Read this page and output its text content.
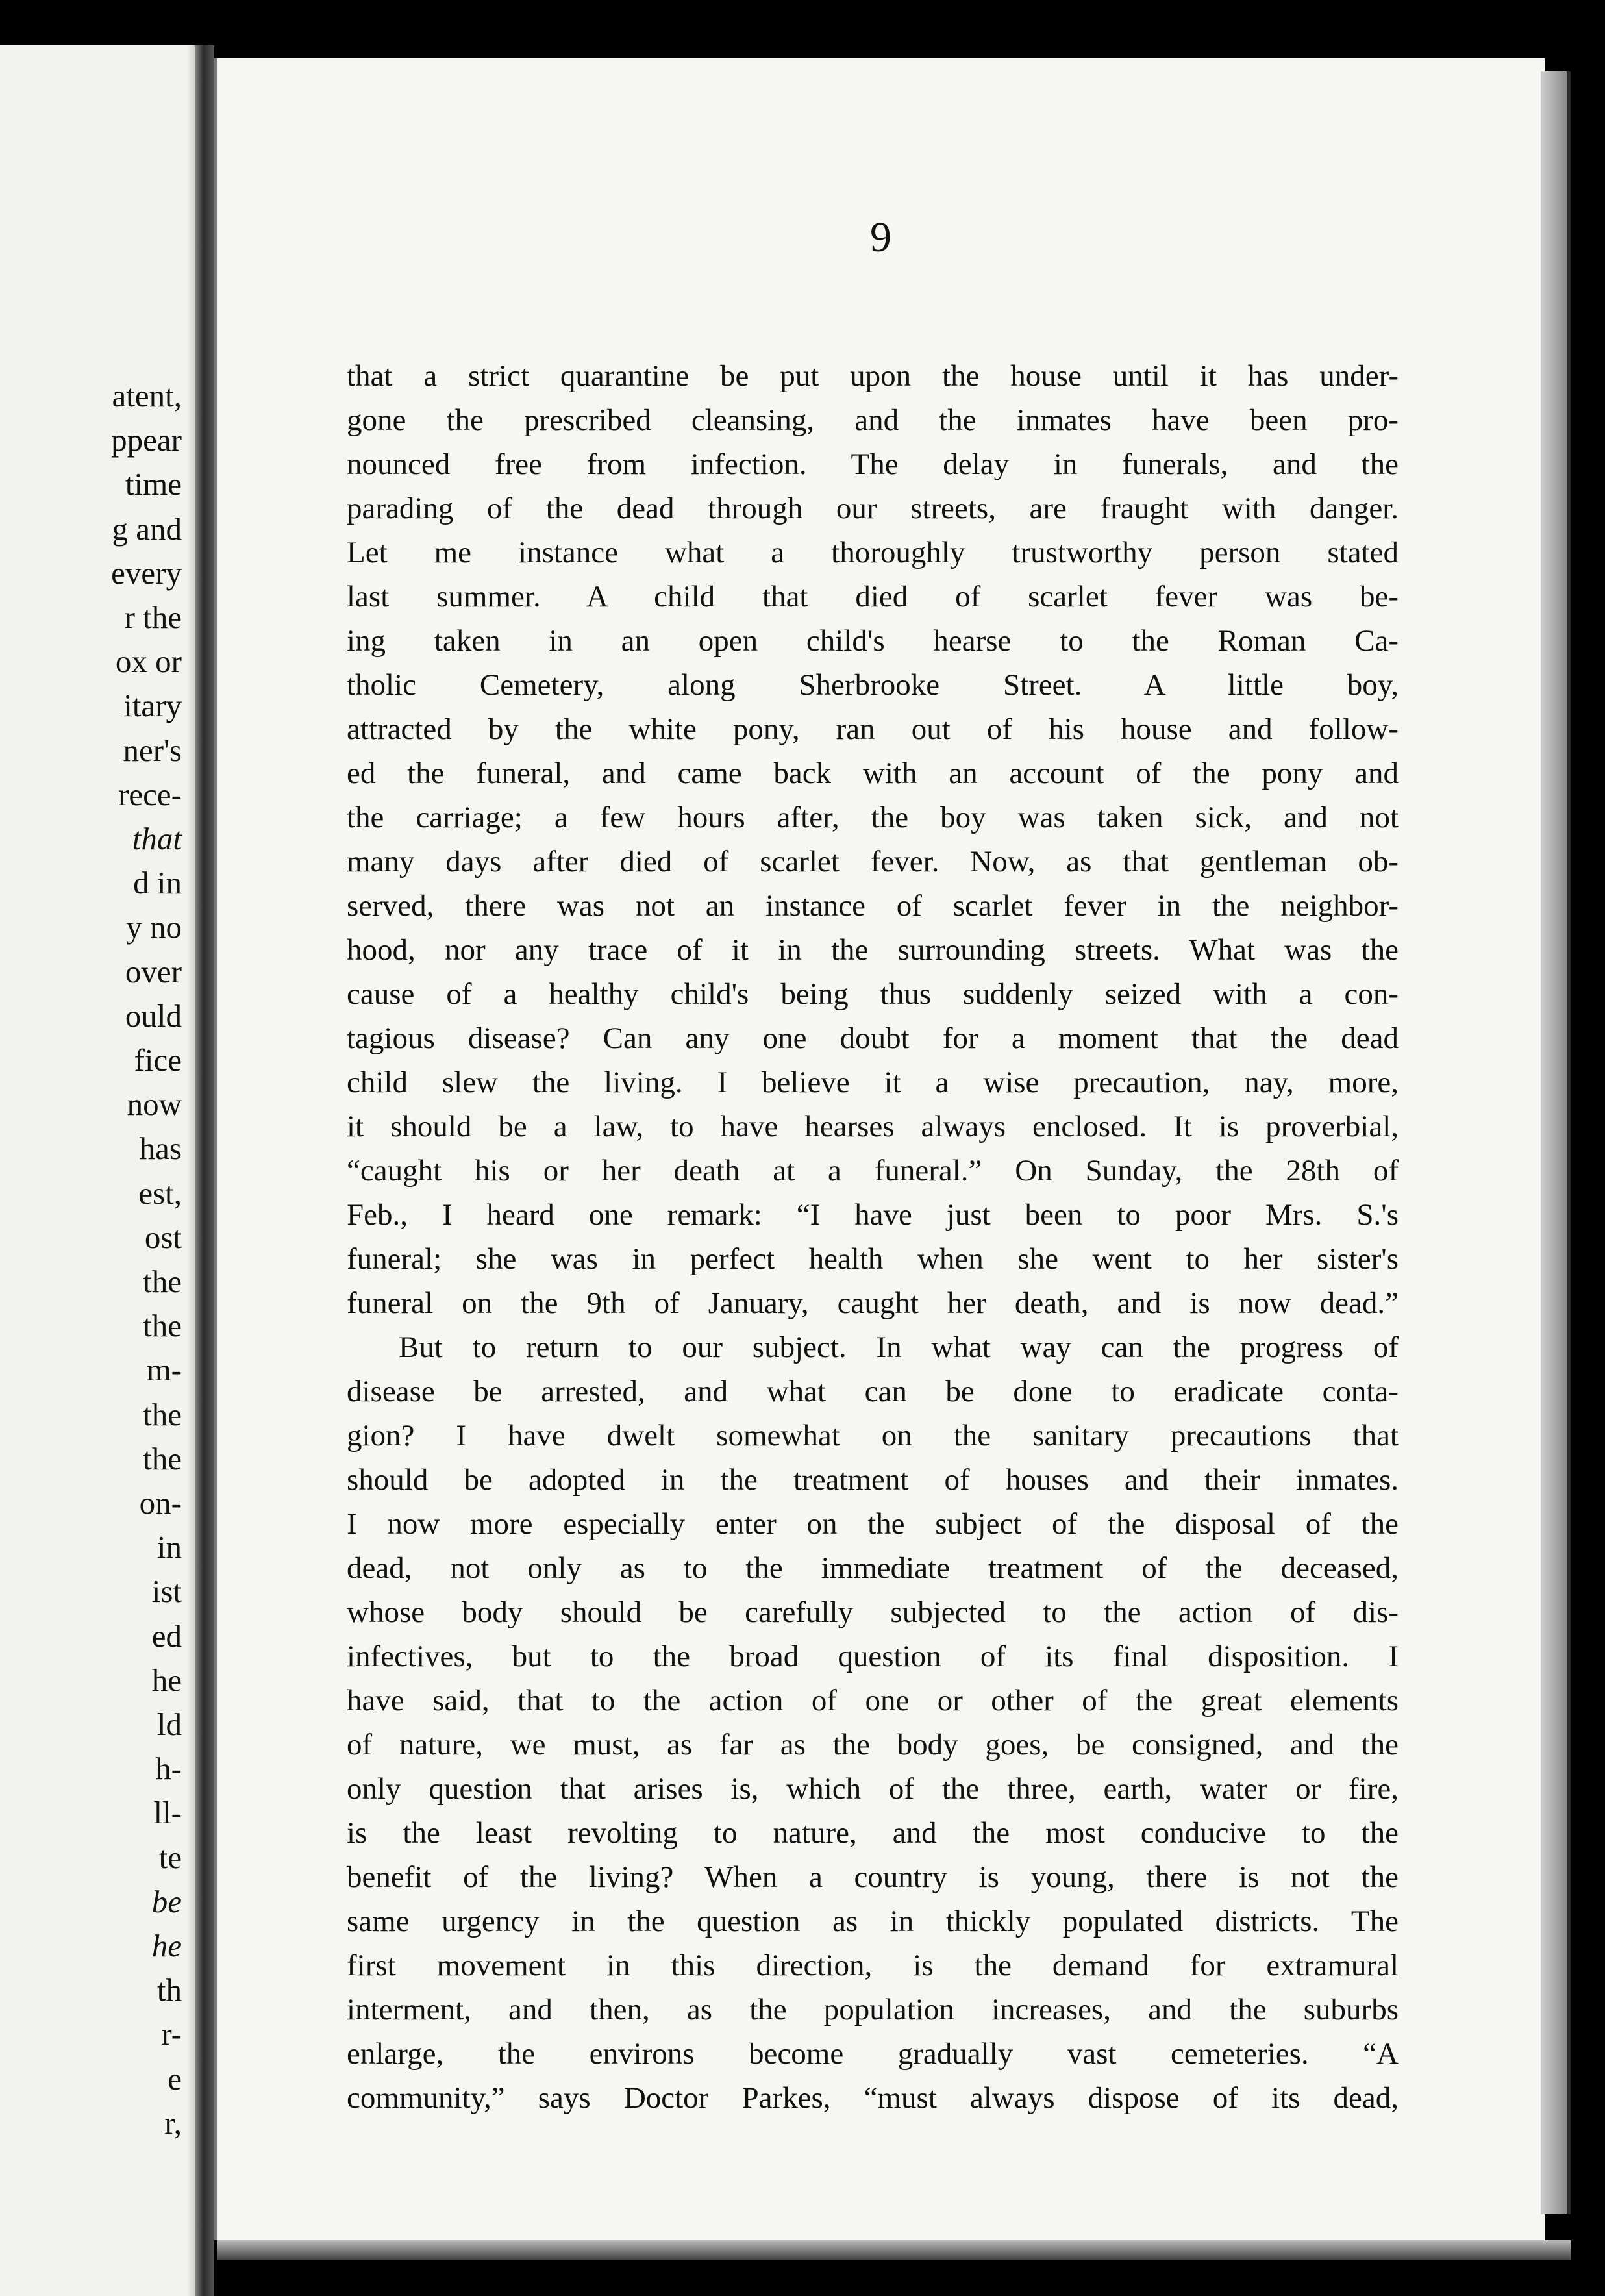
atent,
ppear
time
g and
every
r the
ox or
itary
ner's
rece-
that
d in
y no
over
ould
fice
now
has
est,
ost
the
the
m-
the
the
on-
in
ist
ed
he
ld
h-
ll-
te
be
he
th
r-
e
r,
9
that a strict quarantine be put upon the house until it has under-
gone the prescribed cleansing, and the inmates have been pro-
nounced free from infection. The delay in funerals, and the
parading of the dead through our streets, are fraught with danger.
Let me instance what a thoroughly trustworthy person stated
last summer. A child that died of scarlet fever was be-
ing taken in an open child's hearse to the Roman Ca-
tholic Cemetery, along Sherbrooke Street. A little boy,
attracted by the white pony, ran out of his house and follow-
ed the funeral, and came back with an account of the pony and
the carriage; a few hours after, the boy was taken sick, and not
many days after died of scarlet fever. Now, as that gentleman ob-
served, there was not an instance of scarlet fever in the neighbor-
hood, nor any trace of it in the surrounding streets. What was the
cause of a healthy child's being thus suddenly seized with a con-
tagious disease? Can any one doubt for a moment that the dead
child slew the living. I believe it a wise precaution, nay, more,
it should be a law, to have hearses always enclosed. It is proverbial,
“caught his or her death at a funeral.” On Sunday, the 28th of
Feb., I heard one remark: “I have just been to poor Mrs. S.'s
funeral; she was in perfect health when she went to her sister's
funeral on the 9th of January, caught her death, and is now dead.”
But to return to our subject. In what way can the progress of
disease be arrested, and what can be done to eradicate conta-
gion? I have dwelt somewhat on the sanitary precautions that
should be adopted in the treatment of houses and their inmates.
I now more especially enter on the subject of the disposal of the
dead, not only as to the immediate treatment of the deceased,
whose body should be carefully subjected to the action of dis-
infectives, but to the broad question of its final disposition. I
have said, that to the action of one or other of the great elements
of nature, we must, as far as the body goes, be consigned, and the
only question that arises is, which of the three, earth, water or fire,
is the least revolting to nature, and the most conducive to the
benefit of the living? When a country is young, there is not the
same urgency in the question as in thickly populated districts. The
first movement in this direction, is the demand for extramural
interment, and then, as the population increases, and the suburbs
enlarge, the environs become gradually vast cemeteries. “A
community,” says Doctor Parkes, “must always dispose of its dead,
